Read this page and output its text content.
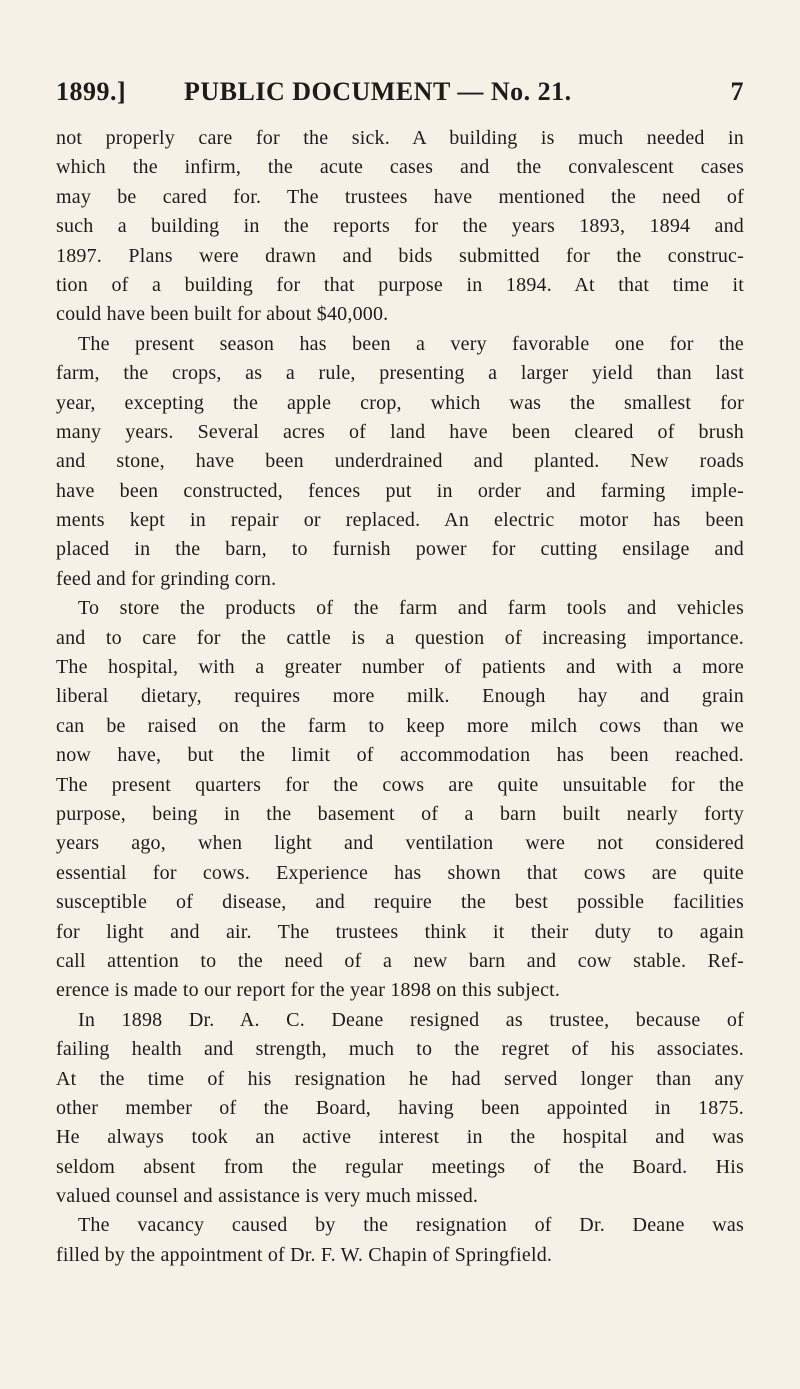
1899.] PUBLIC DOCUMENT — No. 21.	7
not properly care for the sick. A building is much needed in
which the infirm, the acute cases and the convalescent cases
may be cared for. The trustees have mentioned the need of
such a building in the reports for the years 1893, 1894 and
1897. Plans were drawn and bids submitted for the construc-
tion of a building for that purpose in 1894. At that time it
could have been built for about $40,000.
The present season has been a very favorable one for the
farm, the crops, as a rule, presenting a larger yield than last
year, excepting the apple crop, which was the smallest for
many years. Several acres of land have been cleared of brush
and stone, have been underdrained and planted. New roads
have been constructed, fences put in order and farming imple-
ments kept in repair or replaced. An electric motor has been
placed in the barn, to furnish power for cutting ensilage and
feed and for grinding corn.
To store the products of the farm and farm tools and vehicles
and to care for the cattle is a question of increasing importance.
The hospital, with a greater number of patients and with a more
liberal dietary, requires more milk. Enough hay and grain
can be raised on the farm to keep more milch cows than we
now have, but the limit of accommodation has been reached.
The present quarters for the cows are quite unsuitable for the
purpose, being in the basement of a barn built nearly forty
years ago, when light and ventilation were not considered
essential for cows. Experience has shown that cows are quite
susceptible of disease, and require the best possible facilities
for light and air. The trustees think it their duty to again
call attention to the need of a new barn and cow stable. Ref-
erence is made to our report for the year 1898 on this subject.
In 1898 Dr. A. C. Deane resigned as trustee, because of
failing health and strength, much to the regret of his associates.
At the time of his resignation he had served longer than any
other member of the Board, having been appointed in 1875.
He always took an active interest in the hospital and was
seldom absent from the regular meetings of the Board. His
valued counsel and assistance is very much missed.
The vacancy caused by the resignation of Dr. Deane was
filled by the appointment of Dr. F. W. Chapin of Springfield.
